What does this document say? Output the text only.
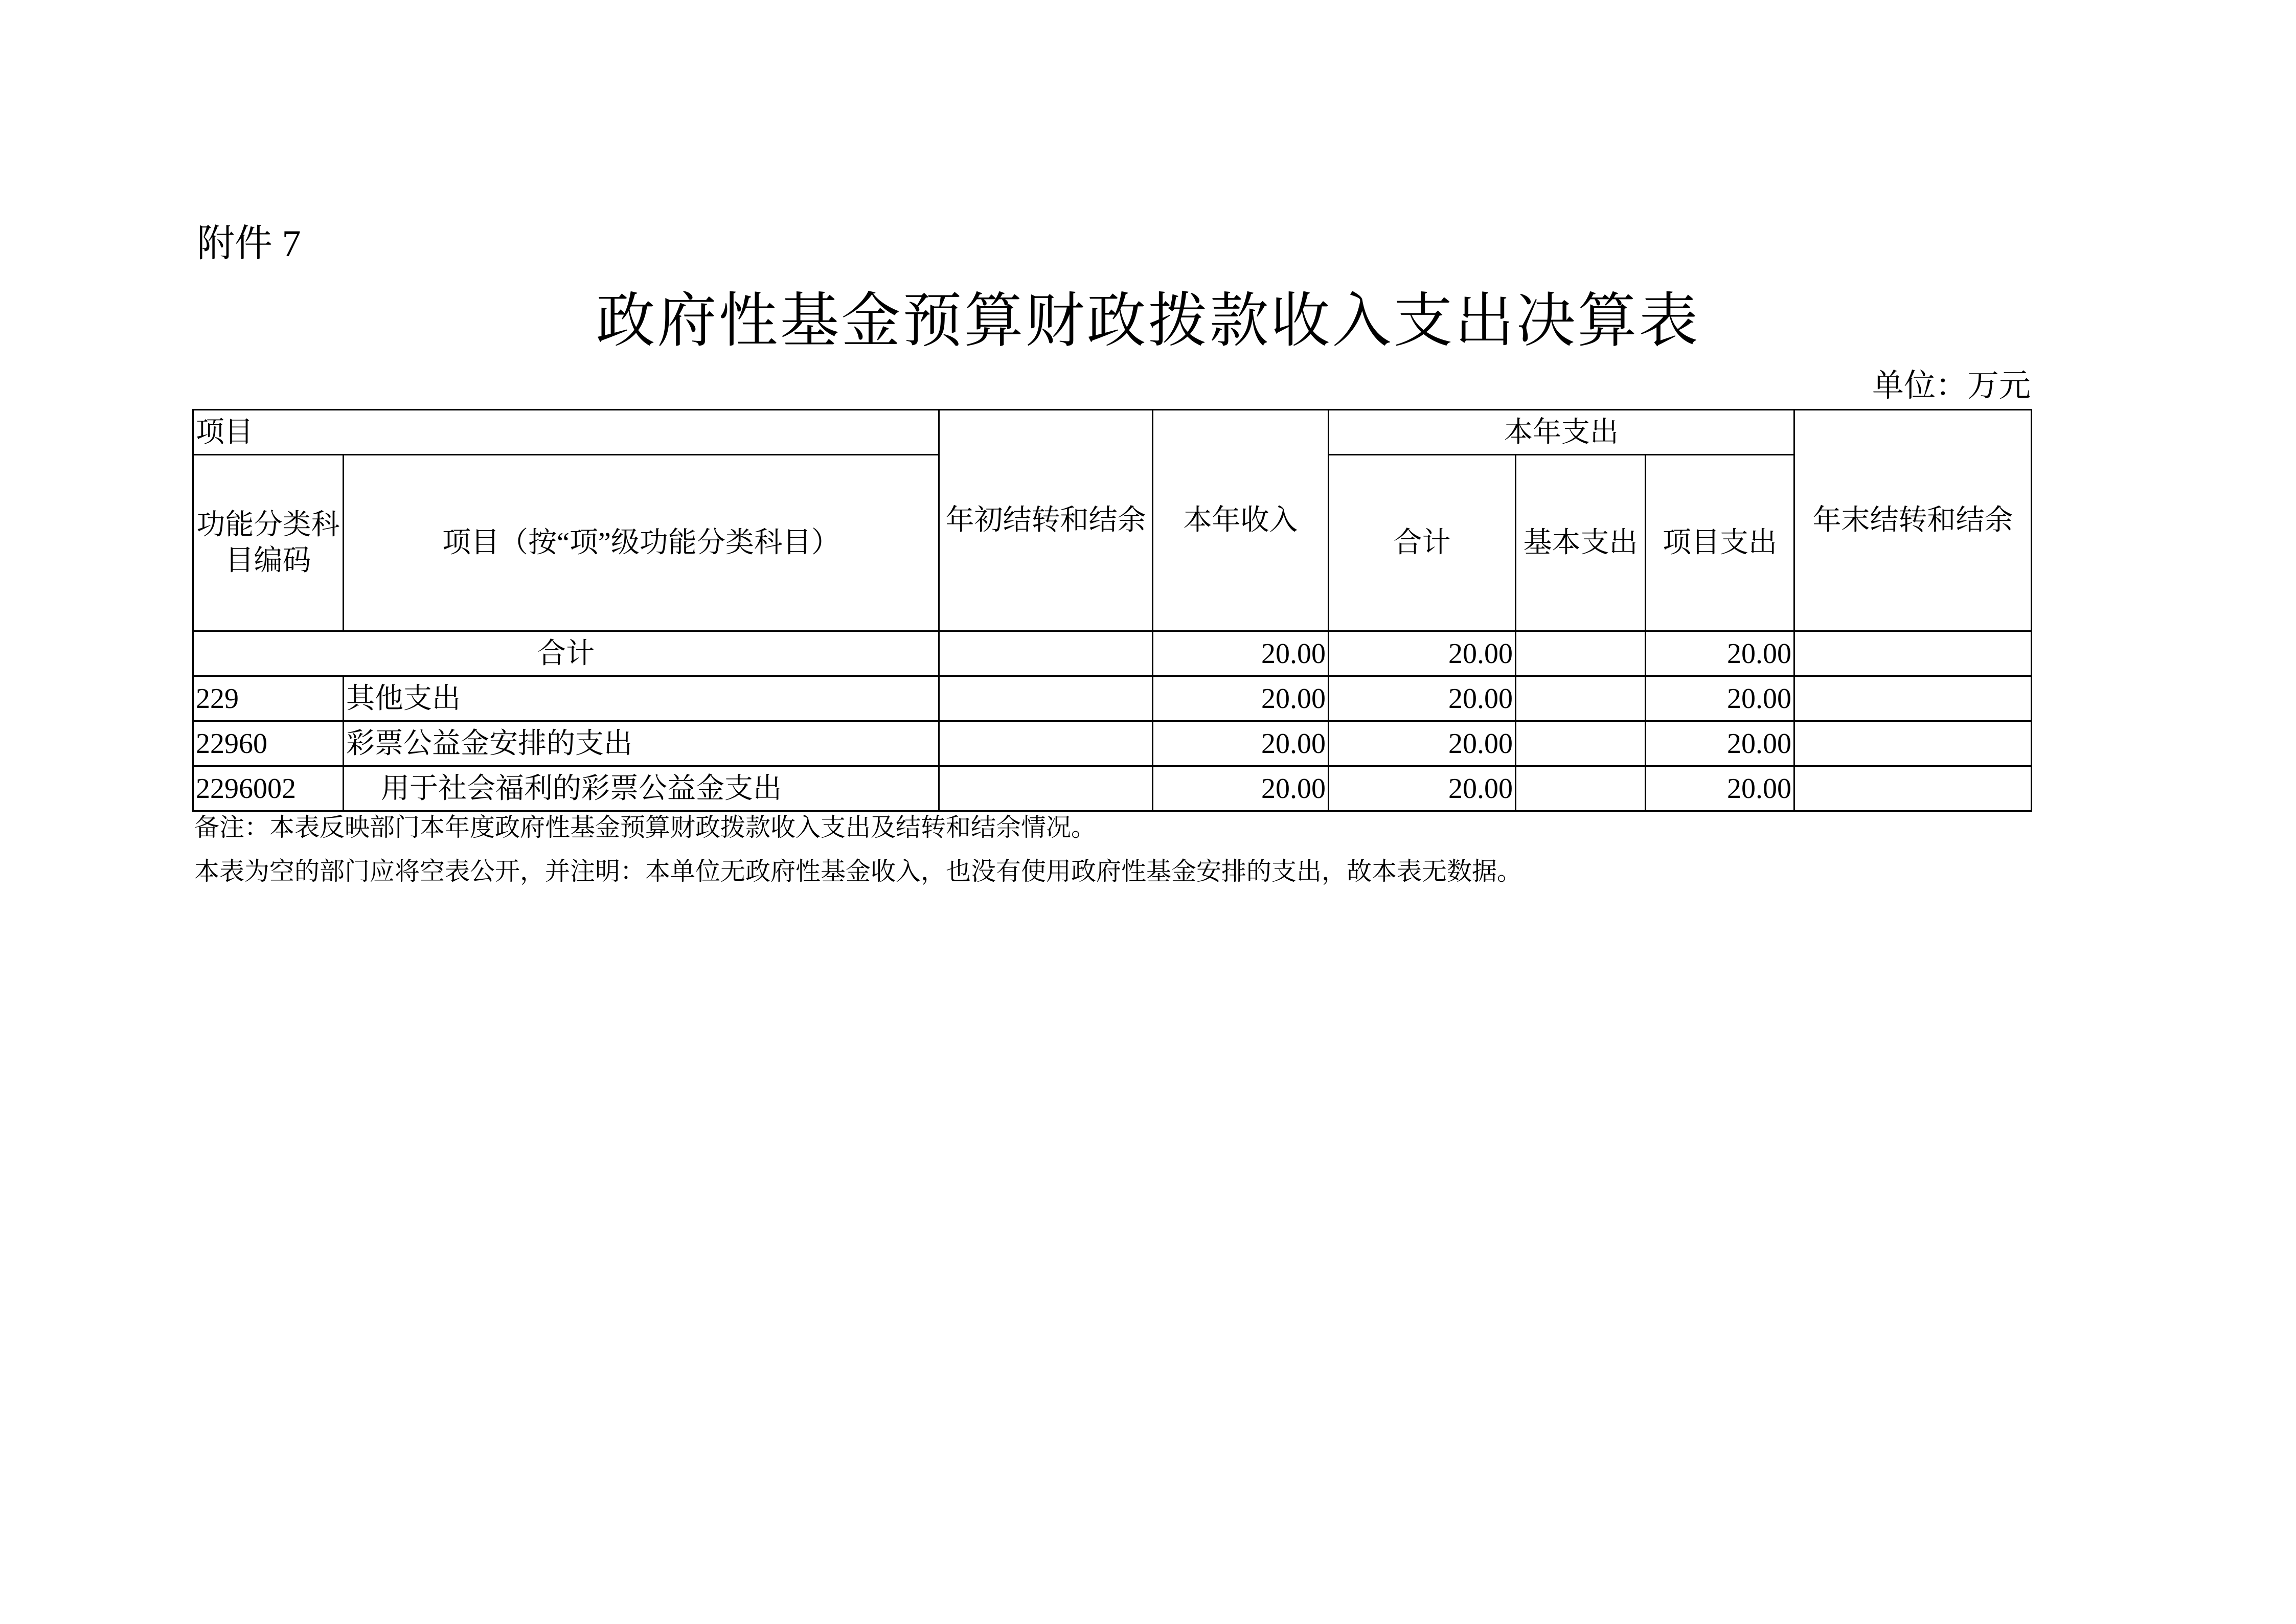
附件 7
政府性基金预算财政拨款收入支出决算表
单位：万元
项目		年初结转和结余	本年收入	本年支出			年末结转和结余
功能分类科目编码	项目（按“项”级功能分类科目）			合计	基本支出	项目支出	
合计			20.00	20.00		20.00	
229	其他支出		20.00	20.00		20.00	
22960	彩票公益金安排的支出		20.00	20.00		20.00	
2296002	用于社会福利的彩票公益金支出		20.00	20.00		20.00	
备注：本表反映部门本年度政府性基金预算财政拨款收入支出及结转和结余情况。
本表为空的部门应将空表公开，并注明：本单位无政府性基金收入，也没有使用政府性基金安排的支出，故本表无数据。
